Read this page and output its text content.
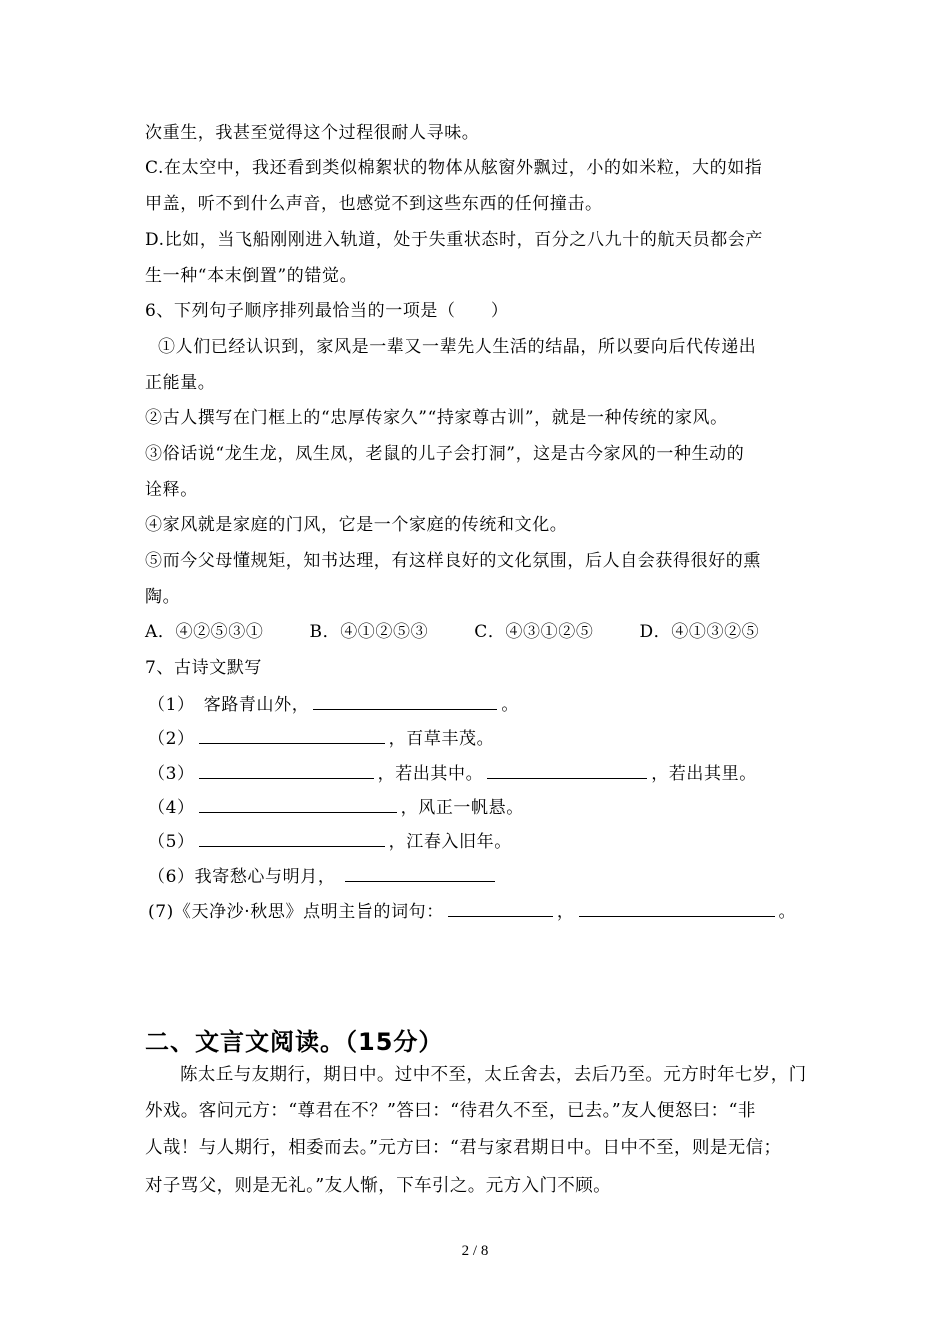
次重生，我甚至觉得这个过程很耐人寻味。
C.在太空中，我还看到类似棉絮状的物体从舷窗外飘过，小的如米粒，大的如指
甲盖，听不到什么声音，也感觉不到这些东西的任何撞击。
D.比如，当飞船刚刚进入轨道，处于失重状态时，百分之八九十的航天员都会产
生一种“本末倒置”的错觉。
6、下列句子顺序排列最恰当的一项是（　　）
①人们已经认识到，家风是一辈又一辈先人生活的结晶，所以要向后代传递出
正能量。
②古人撰写在门框上的“忠厚传家久”“持家尊古训”，就是一种传统的家风。
③俗话说“龙生龙，凤生凤，老鼠的儿子会打洞”，这是古今家风的一种生动的
诠释。
④家风就是家庭的门风，它是一个家庭的传统和文化。
⑤而今父母懂规矩，知书达理，有这样良好的文化氛围，后人自会获得很好的熏
陶。
A．④②⑤③①	B．④①②⑤③	C．④③①②⑤	D．④①③②⑤
7、古诗文默写
（1）　客路青山外，	。
（2）	，百草丰茂。
（3）	，若出其中。	，若出其里。
（4）	，风正一帆悬。
（5）	，江春入旧年。
（6）我寄愁心与明月，
(7)《天净沙·秋思》点明主旨的词句：	，	。
二、文言文阅读。（15分）
陈太丘与友期行，期日中。过中不至，太丘舍去，去后乃至。元方时年七岁，门
外戏。客问元方：“尊君在不？”答曰：“待君久不至，已去。”友人便怒曰：“非
人哉！与人期行，相委而去。”元方曰：“君与家君期日中。日中不至，则是无信；
对子骂父，则是无礼。”友人惭，下车引之。元方入门不顾。
2 / 8
